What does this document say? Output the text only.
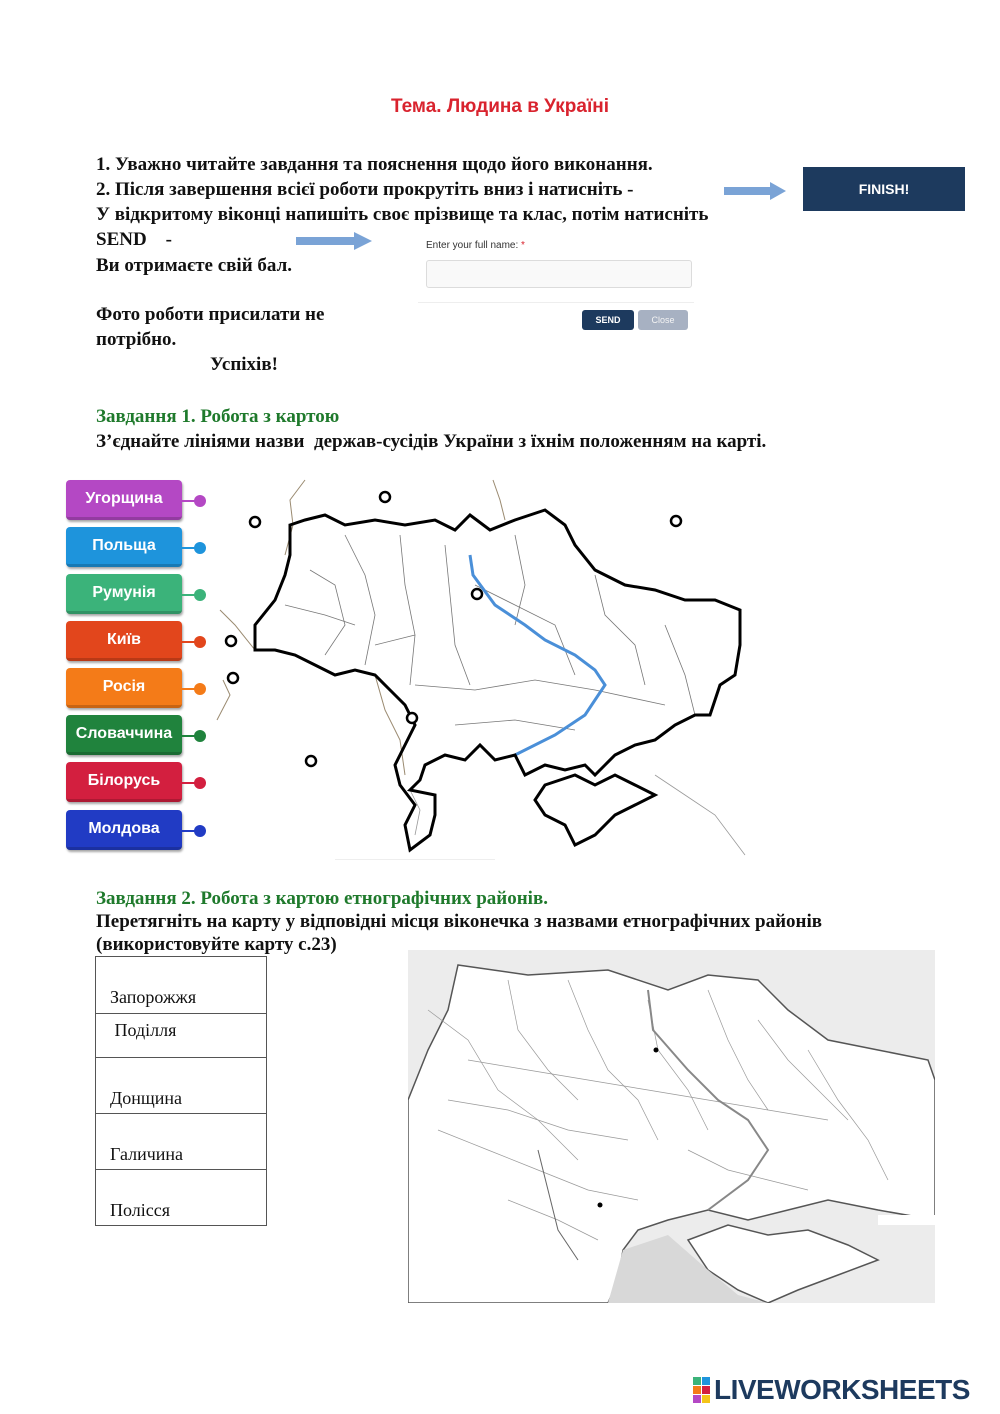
Тема. Людина в Україні
1. Уважно читайте завдання та пояснення щодо його виконання.
2. Після завершення всієї роботи прокрутіть вниз і натисніть -
У відкритому віконці напишіть своє прізвище та клас, потім натисніть
SEND    -
Ви отримаєте свій бал.
Фото роботи присилати не
потрібно.
Успіхів!
FINISH!
Enter your full name: *
SEND	Close
Завдання 1. Робота з картою
З’єднайте лініями назви  держав-сусідів України з їхнім положенням на карті.
Угорщина
Польща
Румунія
Київ
Росія
Словаччина
Білорусь
Молдова
Завдання 2. Робота з картою етнографічних районів.
Перетягніть на карту у відповідні місця віконечка з назвами етнографічних районів
(використовуйте карту с.23)
Запорожжя
Поділля
Донщина
Галичина
Полісся
LIVEWORKSHEETS
